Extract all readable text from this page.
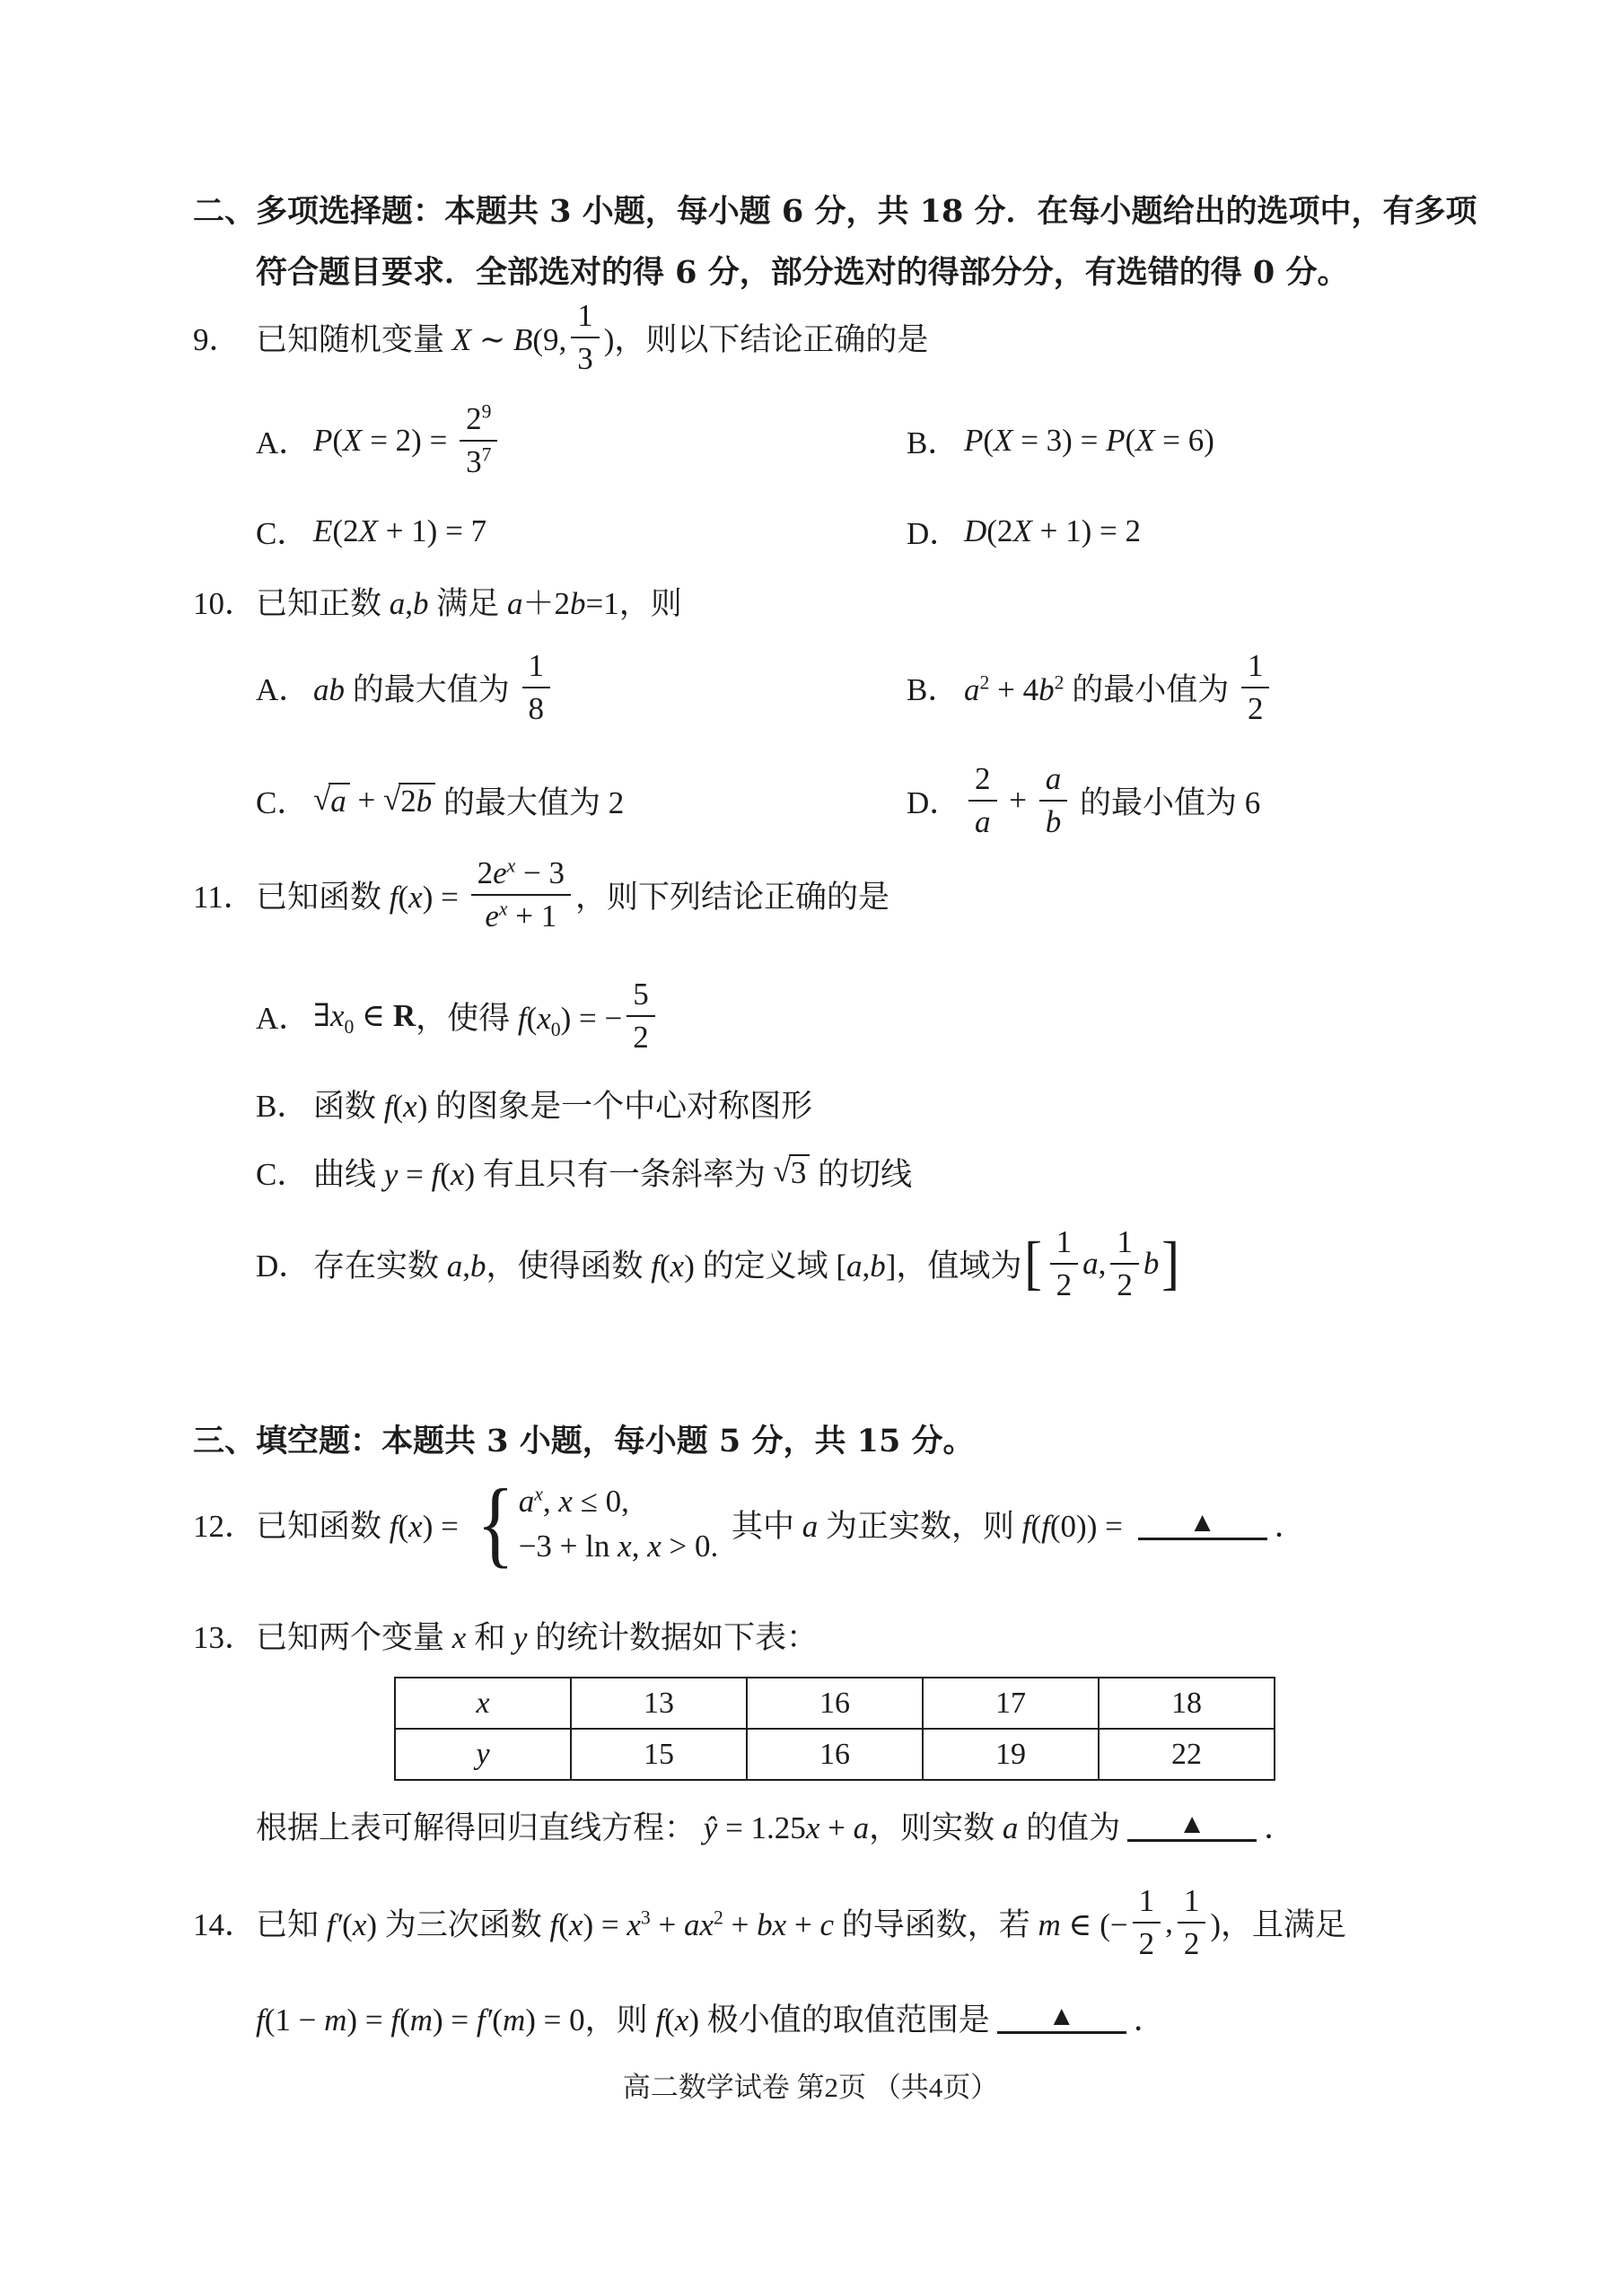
二、多项选择题：本题共 3 小题，每小题 6 分，共 18 分．在每小题给出的选项中，有多项
符合题目要求．全部选对的得 6 分，部分选对的得部分分，有选错的得 0 分。
9． 已知随机变量 X ∼ B(9, $\frac{1}{3}$ )，则以下结论正确的是
A． $P(X = 2) = \frac{2^9}{3^7}$	B． P(X = 3) = P(X = 6)
C． E(2X + 1) = 7	D． D(2X + 1) = 2
10． 已知正数 a,b 满足 a＋2b=1，则
A． ab 的最大值为 $\frac{1}{8}$	B． $a^2 + 4b^2$ 的最小值为 $\frac{1}{2}$
C． √ a + √ 2b 的最大值为 2	D． $\frac{2}{a} + \frac{a}{b}$ 的最小值为 6
11． 已知函数 $f(x) = \frac{2e^x - 3}{e^x + 1}$ ，则下列结论正确的是
A． $\exists x_0$ ∈ R ，使得 $f(x_0)$ = − $\frac{5}{2}$
B． 函数 f(x) 的图象是一个中心对称图形
C． 曲线 y = f(x) 有且只有一条斜率为 √ 3 的切线
D． 存在实数 a,b，使得函数 f(x) 的定义域 [a,b]，值域为 [ $\frac{1}{2} a$, $\frac{1}{2}$ b ]
三、填空题：本题共 3 小题，每小题 5 分，共 15 分。
12． 已知函数 f(x) = { $a^x$, x ≤ 0,
−3 + ln x, x > 0.
其中 a 为正实数，则 f(f(0)) =	▲	．
13． 已知两个变量 x 和 y 的统计数据如下表：
x	13	16	17	18
y	15	16	19	22
根据上表可解得回归直线方程： ŷ = 1.25x + a，则实数 a 的值为	▲	．
14． 已知 f′(x) 为三次函数 $f(x) = x^3 + ax^2$ + bx + c 的导函数，若 m ∈ (− $\frac{1}{2}$ , $\frac{1}{2}$ )，且满足
f(1 − m) = f(m) = f′(m) = 0，则 f(x) 极小值的取值范围是	▲	．
高二数学试卷 第2页 （共4页）
